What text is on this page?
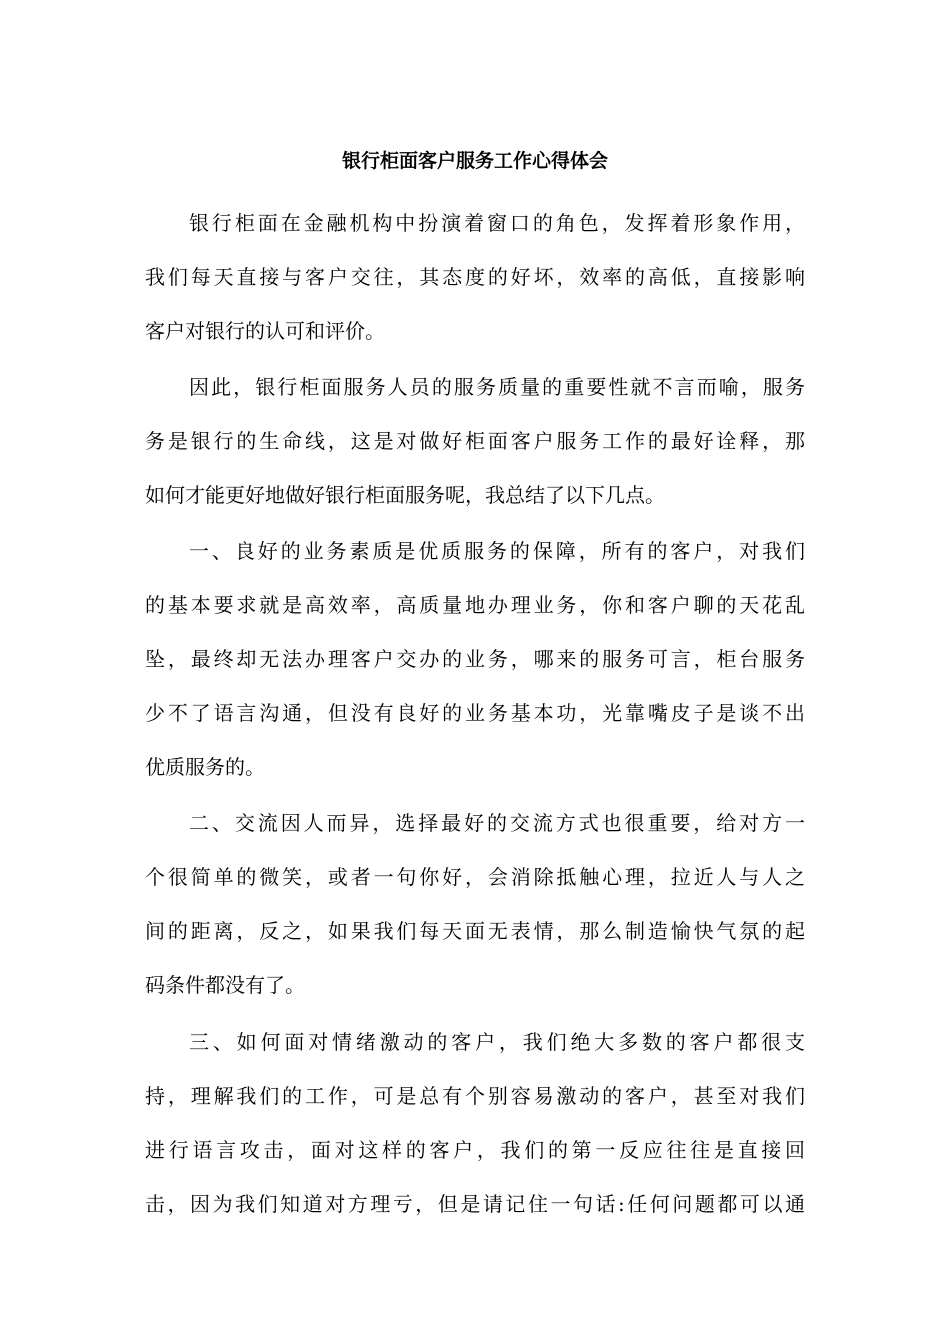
银行柜面客户服务工作心得体会

银行柜面在金融机构中扮演着窗口的角色，发挥着形象作用，
我们每天直接与客户交往，其态度的好坏，效率的高低，直接影响
客户对银行的认可和评价。

因此，银行柜面服务人员的服务质量的重要性就不言而喻，服务
务是银行的生命线，这是对做好柜面客户服务工作的最好诠释，那
如何才能更好地做好银行柜面服务呢，我总结了以下几点。

一、良好的业务素质是优质服务的保障，所有的客户，对我们
的基本要求就是高效率，高质量地办理业务，你和客户聊的天花乱
坠，最终却无法办理客户交办的业务，哪来的服务可言，柜台服务
少不了语言沟通，但没有良好的业务基本功，光靠嘴皮子是谈不出
优质服务的。

二、交流因人而异，选择最好的交流方式也很重要，给对方一
个很简单的微笑，或者一句你好，会消除抵触心理，拉近人与人之
间的距离，反之，如果我们每天面无表情，那么制造愉快气氛的起
码条件都没有了。

三、如何面对情绪激动的客户，我们绝大多数的客户都很支
持，理解我们的工作，可是总有个别容易激动的客户，甚至对我们
进行语言攻击，面对这样的客户，我们的第一反应往往是直接回
击，因为我们知道对方理亏，但是请记住一句话:任何问题都可以通
